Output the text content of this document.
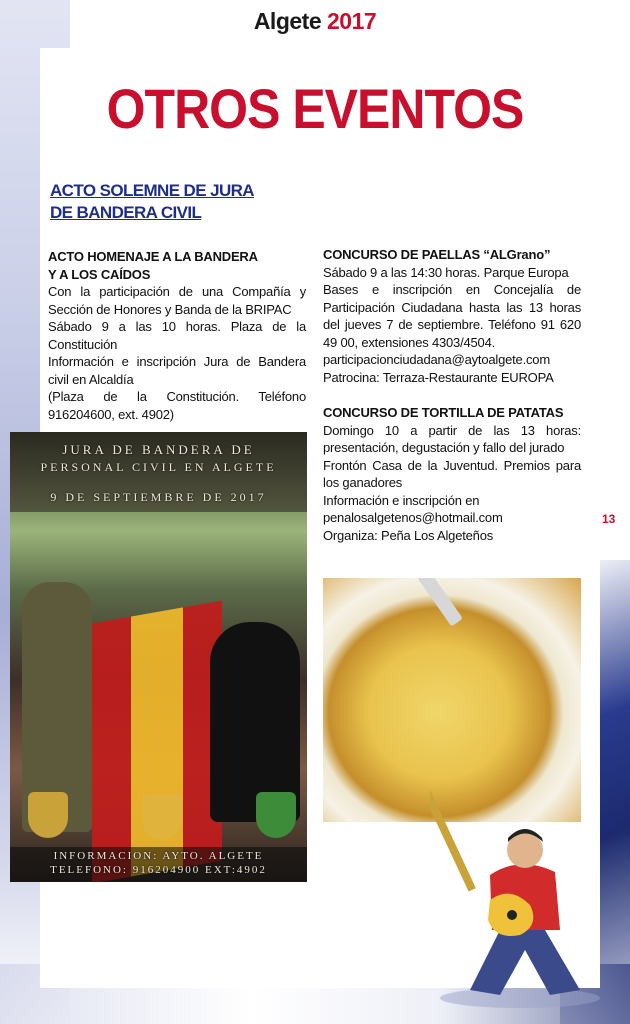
Algete 2017
OTROS EVENTOS
ACTO SOLEMNE DE JURA
DE BANDERA CIVIL
ACTO HOMENAJE A LA BANDERA
Y A LOS CAÍDOS
Con la participación de una Compañía y Sección de Honores y Banda de la BRIPAC
Sábado 9 a las 10 horas. Plaza de la Constitución
Información e inscripción Jura de Bandera civil en Alcaldía
(Plaza de la Constitución. Teléfono 916204600, ext. 4902)
CONCURSO DE PAELLAS “ALGrano”
Sábado 9 a las 14:30 horas. Parque Europa
Bases e inscripción en Concejalía de Participación Ciudadana hasta las 13 horas del jueves 7 de septiembre. Teléfono 91 620 49 00, extensiones 4303/4504.
participacionciudadana@aytoalgete.com
Patrocina: Terraza-Restaurante EUROPA
CONCURSO DE TORTILLA DE PATATAS
Domingo 10 a partir de las 13 horas: presentación, degustación y fallo del jurado
Frontón Casa de la Juventud. Premios para los ganadores
Información e inscripción en
penalosalgetenos@hotmail.com
Organiza: Peña Los Algeteños
JURA DE BANDERA DE
PERSONAL CIVIL EN ALGETE
9 DE SEPTIEMBRE DE 2017
INFORMACION: AYTO. ALGETE
TELEFONO: 916204900 EXT:4902
13
